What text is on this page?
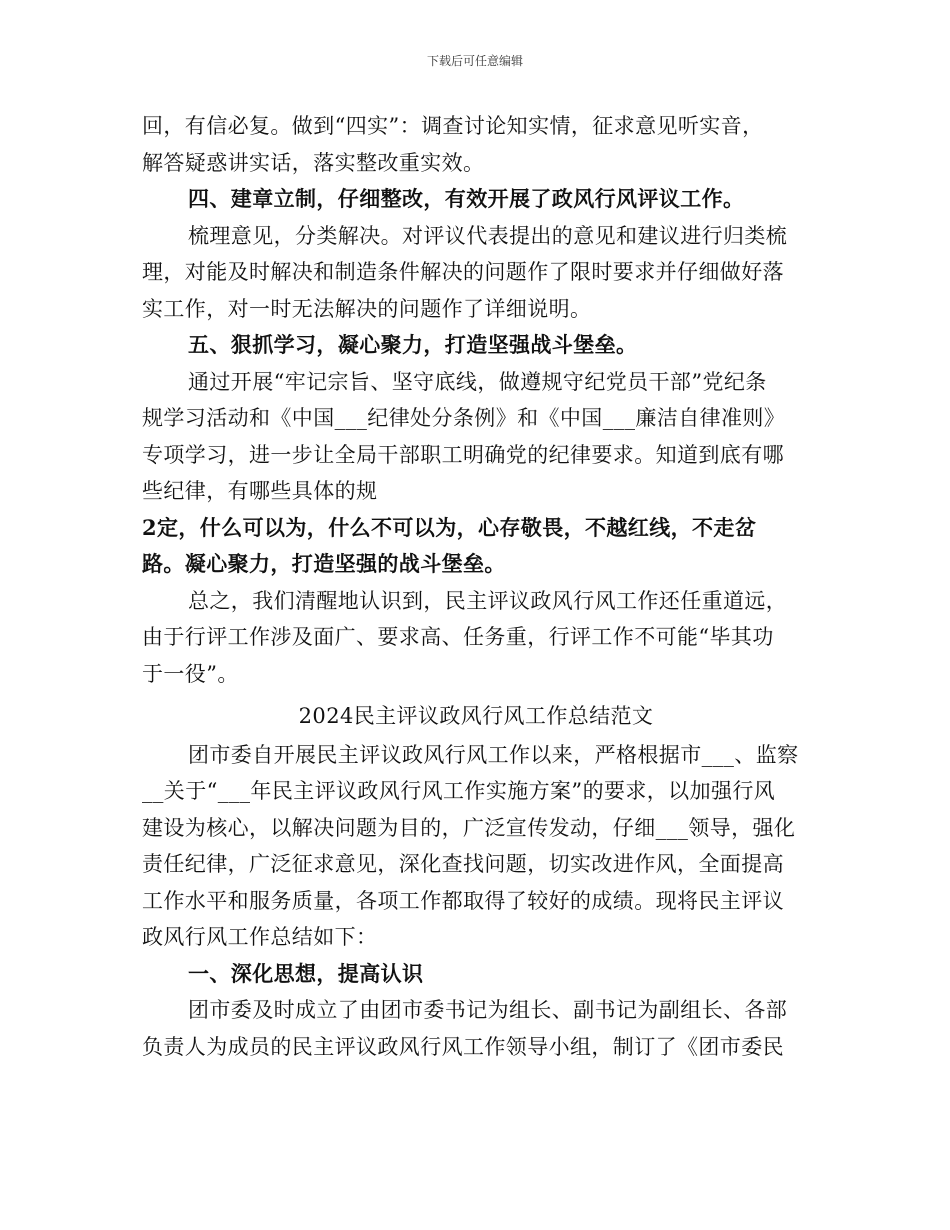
下载后可任意编辑
回，有信必复。做到“四实”：调查讨论知实情，征求意见听实音，
解答疑惑讲实话，落实整改重实效。
四、建章立制，仔细整改，有效开展了政风行风评议工作。
梳理意见，分类解决。对评议代表提出的意见和建议进行归类梳
理，对能及时解决和制造条件解决的问题作了限时要求并仔细做好落
实工作，对一时无法解决的问题作了详细说明。
五、狠抓学习，凝心聚力，打造坚强战斗堡垒。
通过开展“牢记宗旨、坚守底线，做遵规守纪党员干部”党纪条
规学习活动和《中国___纪律处分条例》和《中国___廉洁自律准则》
专项学习，进一步让全局干部职工明确党的纪律要求。知道到底有哪
些纪律，有哪些具体的规
2定，什么可以为，什么不可以为，心存敬畏，不越红线，不走岔
路。凝心聚力，打造坚强的战斗堡垒。
总之，我们清醒地认识到，民主评议政风行风工作还任重道远，
由于行评工作涉及面广、要求高、任务重，行评工作不可能“毕其功
于一役”。
2024民主评议政风行风工作总结范文
团市委自开展民主评议政风行风工作以来，严格根据市___、监察
__关于“___年民主评议政风行风工作实施方案”的要求，以加强行风
建设为核心，以解决问题为目的，广泛宣传发动，仔细___领导，强化
责任纪律，广泛征求意见，深化查找问题，切实改进作风，全面提高
工作水平和服务质量，各项工作都取得了较好的成绩。现将民主评议
政风行风工作总结如下：
一、深化思想，提高认识
团市委及时成立了由团市委书记为组长、副书记为副组长、各部
负责人为成员的民主评议政风行风工作领导小组，制订了《团市委民
